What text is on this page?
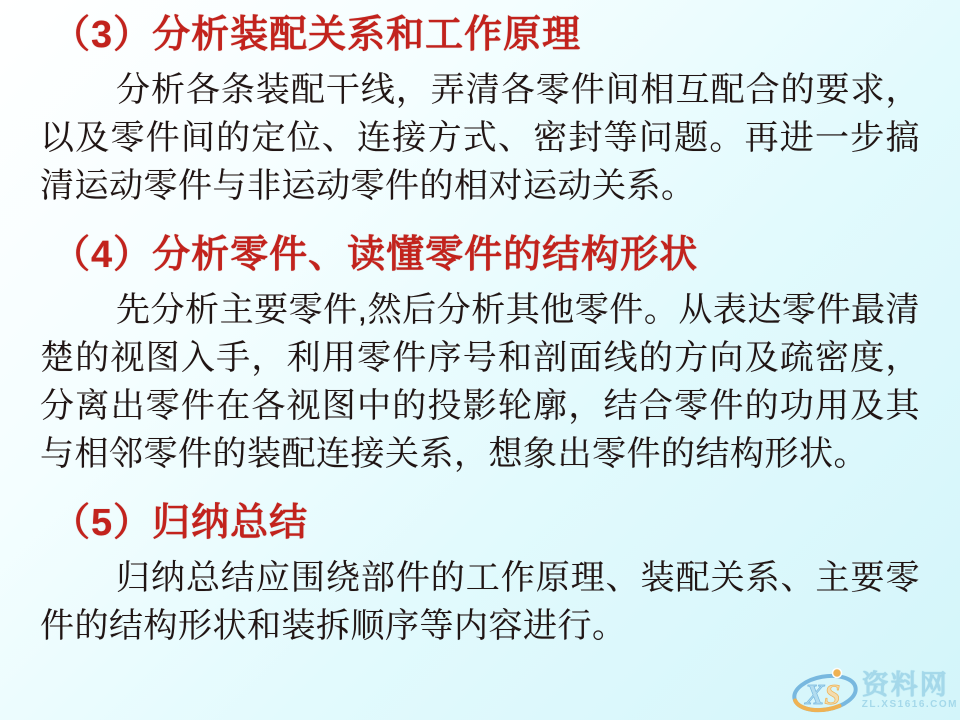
（3）分析装配关系和工作原理

分析各条装配干线，弄清各零件间相互配合的要求，以及零件间的定位、连接方式、密封等问题。再进一步搞清运动零件与非运动零件的相对运动关系。

（4）分析零件、读懂零件的结构形状

先分析主要零件,然后分析其他零件。从表达零件最清楚的视图入手，利用零件序号和剖面线的方向及疏密度，分离出零件在各视图中的投影轮廓，结合零件的功用及其与相邻零件的装配连接关系，想象出零件的结构形状。

（5）归纳总结

归纳总结应围绕部件的工作原理、装配关系、主要零件的结构形状和装拆顺序等内容进行。

XS 资料网
ZL.XS1616.COM
